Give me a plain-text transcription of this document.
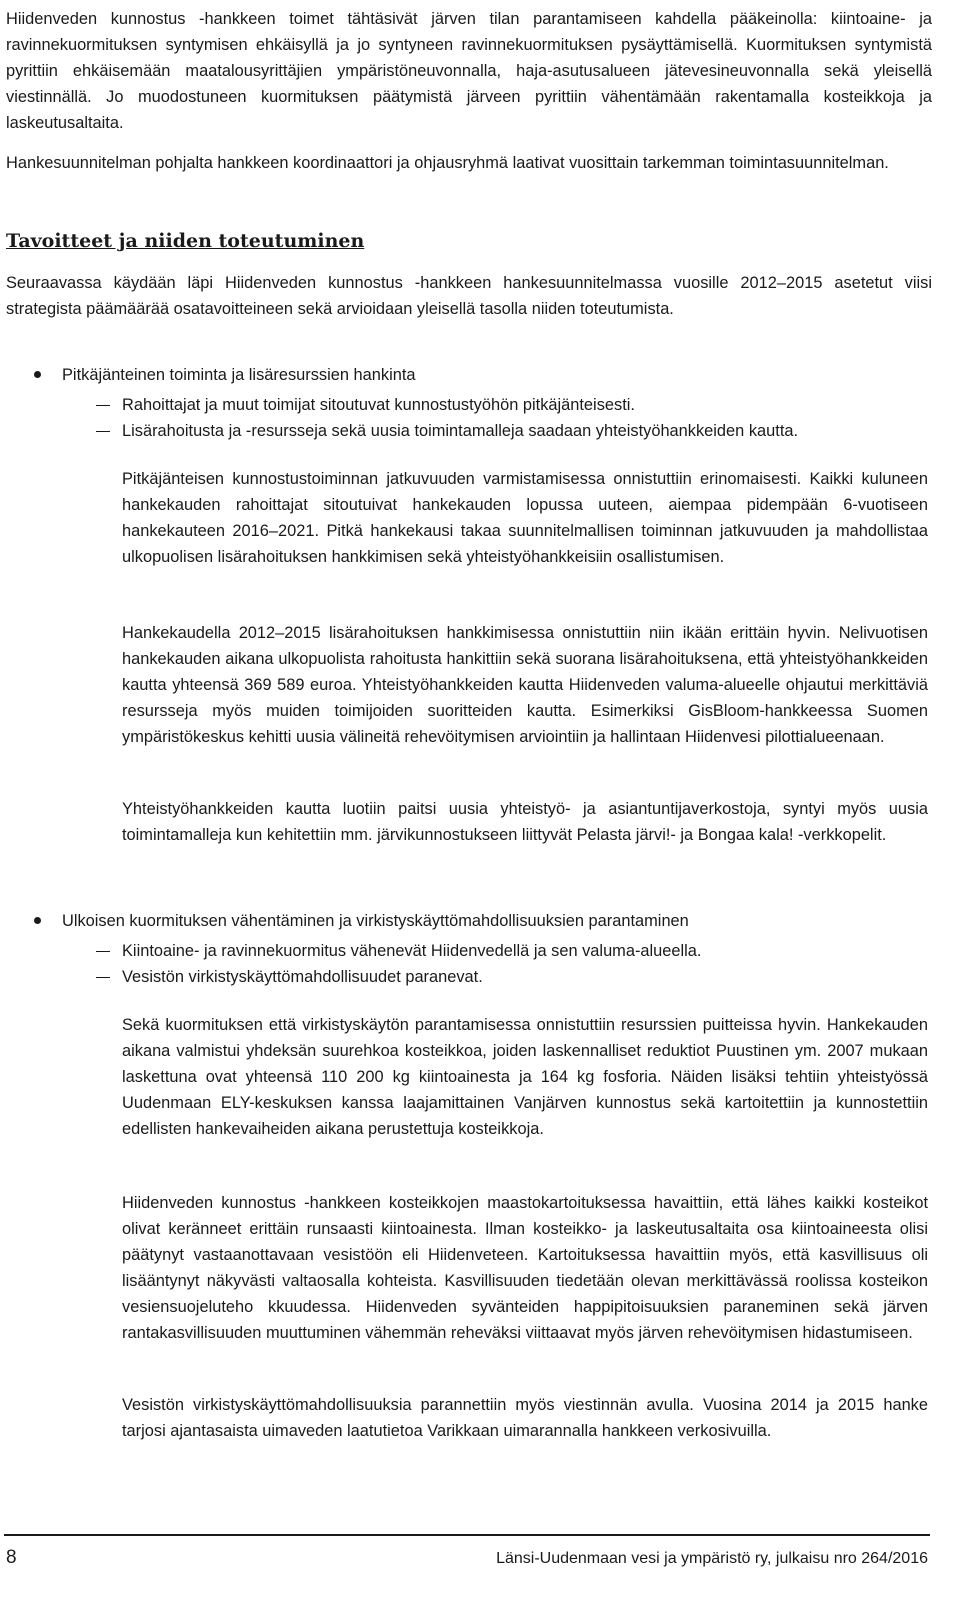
Hiidenveden kunnostus -hankkeen toimet tähtäsivät järven tilan parantamiseen kahdella pääkeinolla: kiintoaine- ja ravinnekuormituksen syntymisen ehkäisyllä ja jo syntyneen ravinnekuormituksen pysäyttämisellä. Kuormituksen syntymistä pyrittiin ehkäisemään maatalousyrittäjien ympäristöneuvonnalla, haja-asutusalueen jätevesineuvonnalla sekä yleisellä viestinnällä. Jo muodostuneen kuormituksen päätymistä järveen pyrittiin vähentämään rakentamalla kosteikkoja ja laskeutusaltaita.

Hankesuunnitelman pohjalta hankkeen koordinaattori ja ohjausryhmä laativat vuosittain tarkemman toimintasuunnitelman.

Tavoitteet ja niiden toteutuminen

Seuraavassa käydään läpi Hiidenveden kunnostus -hankkeen hankesuunnitelmassa vuosille 2012–2015 asetetut viisi strategista päämäärää osatavoitteineen sekä arvioidaan yleisellä tasolla niiden toteutumista.

Pitkäjänteinen toiminta ja lisäresurssien hankinta
Rahoittajat ja muut toimijat sitoutuvat kunnostustyöhön pitkäjänteisesti.
Lisärahoitusta ja -resursseja sekä uusia toimintamalleja saadaan yhteistyöhankkeiden kautta.

Pitkäjänteisen kunnostustoiminnan jatkuvuuden varmistamisessa onnistuttiin erinomaisesti. Kaikki kuluneen hankekauden rahoittajat sitoutuivat hankekauden lopussa uuteen, aiempaa pidempään 6-vuotiseen hankekauteen 2016–2021. Pitkä hankekausi takaa suunnitelmallisen toiminnan jatkuvuuden ja mahdollistaa ulkopuolisen lisärahoituksen hankkimisen sekä yhteistyöhankkeisiin osallistumisen.

Hankekaudella 2012–2015 lisärahoituksen hankkimisessa onnistuttiin niin ikään erittäin hyvin. Nelivuotisen hankekauden aikana ulkopuolista rahoitusta hankittiin sekä suorana lisärahoituksena, että yhteistyöhankkeiden kautta yhteensä 369 589 euroa. Yhteistyöhankkeiden kautta Hiidenveden valuma-alueelle ohjautui merkittäviä resursseja myös muiden toimijoiden suoritteiden kautta. Esimerkiksi GisBloom-hankkeessa Suomen ympäristökeskus kehitti uusia välineitä rehevöitymisen arviointiin ja hallintaan Hiidenvesi pilottialueenaan.

Yhteistyöhankkeiden kautta luotiin paitsi uusia yhteistyö- ja asiantuntijaverkostoja, syntyi myös uusia toimintamalleja kun kehitettiin mm. järvikunnostukseen liittyvät Pelasta järvi!- ja Bongaa kala! -verkkopelit.

Ulkoisen kuormituksen vähentäminen ja virkistyskäyttömahdollisuuksien parantaminen
Kiintoaine- ja ravinnekuormitus vähenevät Hiidenvedellä ja sen valuma-alueella.
Vesistön virkistyskäyttömahdollisuudet paranevat.

Sekä kuormituksen että virkistyskäytön parantamisessa onnistuttiin resurssien puitteissa hyvin. Hankekauden aikana valmistui yhdeksän suurehkoa kosteikkoa, joiden laskennalliset reduktiot Puustinen ym. 2007 mukaan laskettuna ovat yhteensä 110 200 kg kiintoainesta ja 164 kg fosforia. Näiden lisäksi tehtiin yhteistyössä Uudenmaan ELY-keskuksen kanssa laajamittainen Vanjärven kunnostus sekä kartoitettiin ja kunnostettiin edellisten hankevaiheiden aikana perustettuja kosteikkoja.

Hiidenveden kunnostus -hankkeen kosteikkojen maastokartoituksessa havaittiin, että lähes kaikki kosteikot olivat keränneet erittäin runsaasti kiintoainesta. Ilman kosteikko- ja laskeutusaltaita osa kiintoaineesta olisi päätynyt vastaanottavaan vesistöön eli Hiidenveteen. Kartoituksessa havaittiin myös, että kasvillisuus oli lisääntynyt näkyvästi valtaosalla kohteista. Kasvillisuuden tiedetään olevan merkittävässä roolissa kosteikon vesiensuojeluteho kkuudessa. Hiidenveden syvänteiden happipitoisuuksien paraneminen sekä järven rantakasvillisuuden muuttuminen vähemmän reheväksi viittaavat myös järven rehevöitymisen hidastumiseen.

Vesistön virkistyskäyttömahdollisuuksia parannettiin myös viestinnän avulla. Vuosina 2014 ja 2015 hanke tarjosi ajantasaista uimaveden laatutietoa Varikkaan uimarannalla hankkeen verkosivuilla.

8	Länsi-Uudenmaan vesi ja ympäristö ry, julkaisu nro 264/2016
